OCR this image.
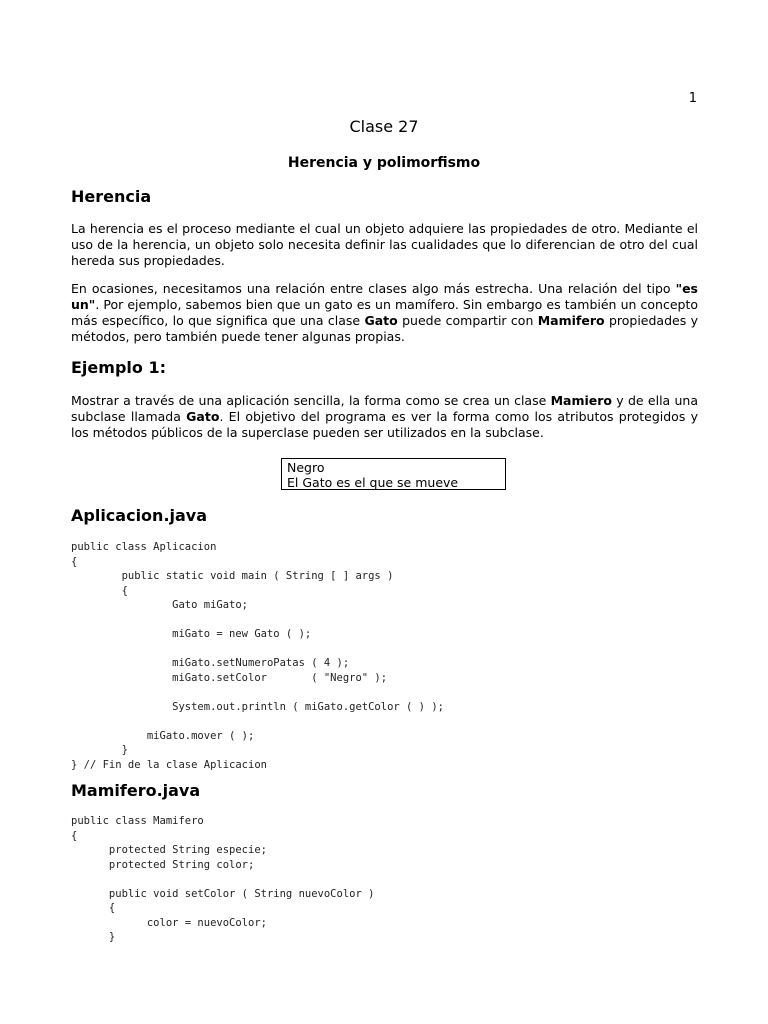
1
Clase 27
Herencia y polimorfismo
Herencia

La herencia es el proceso mediante el cual un objeto adquiere las propiedades de otro. Mediante el uso de la herencia, un objeto solo necesita definir las cualidades que lo diferencian de otro del cual hereda sus propiedades.

En ocasiones, necesitamos una relación entre clases algo más estrecha. Una relación del tipo "es un". Por ejemplo, sabemos bien que un gato es un mamífero. Sin embargo es también un concepto más específico, lo que significa que una clase Gato puede compartir con Mamifero propiedades y métodos, pero también puede tener algunas propias.

Ejemplo 1:

Mostrar a través de una aplicación sencilla, la forma como se crea un clase Mamiero y de ella una subclase llamada Gato. El objetivo del programa es ver la forma como los atributos protegidos y los métodos públicos de la superclase pueden ser utilizados en la subclase.

Negro
El Gato es el que se mueve
Aplicacion.java
public class Aplicacion
{
public static void main ( String [ ] args )
{
Gato miGato;

miGato = new Gato ( );

miGato.setNumeroPatas ( 4 );
miGato.setColor       ( "Negro" );

System.out.println ( miGato.getColor ( ) );

miGato.mover ( );
}
} // Fin de la clase Aplicacion
Mamifero.java
public class Mamifero
{
protected String especie;
protected String color;

public void setColor ( String nuevoColor )
{
color = nuevoColor;
}
